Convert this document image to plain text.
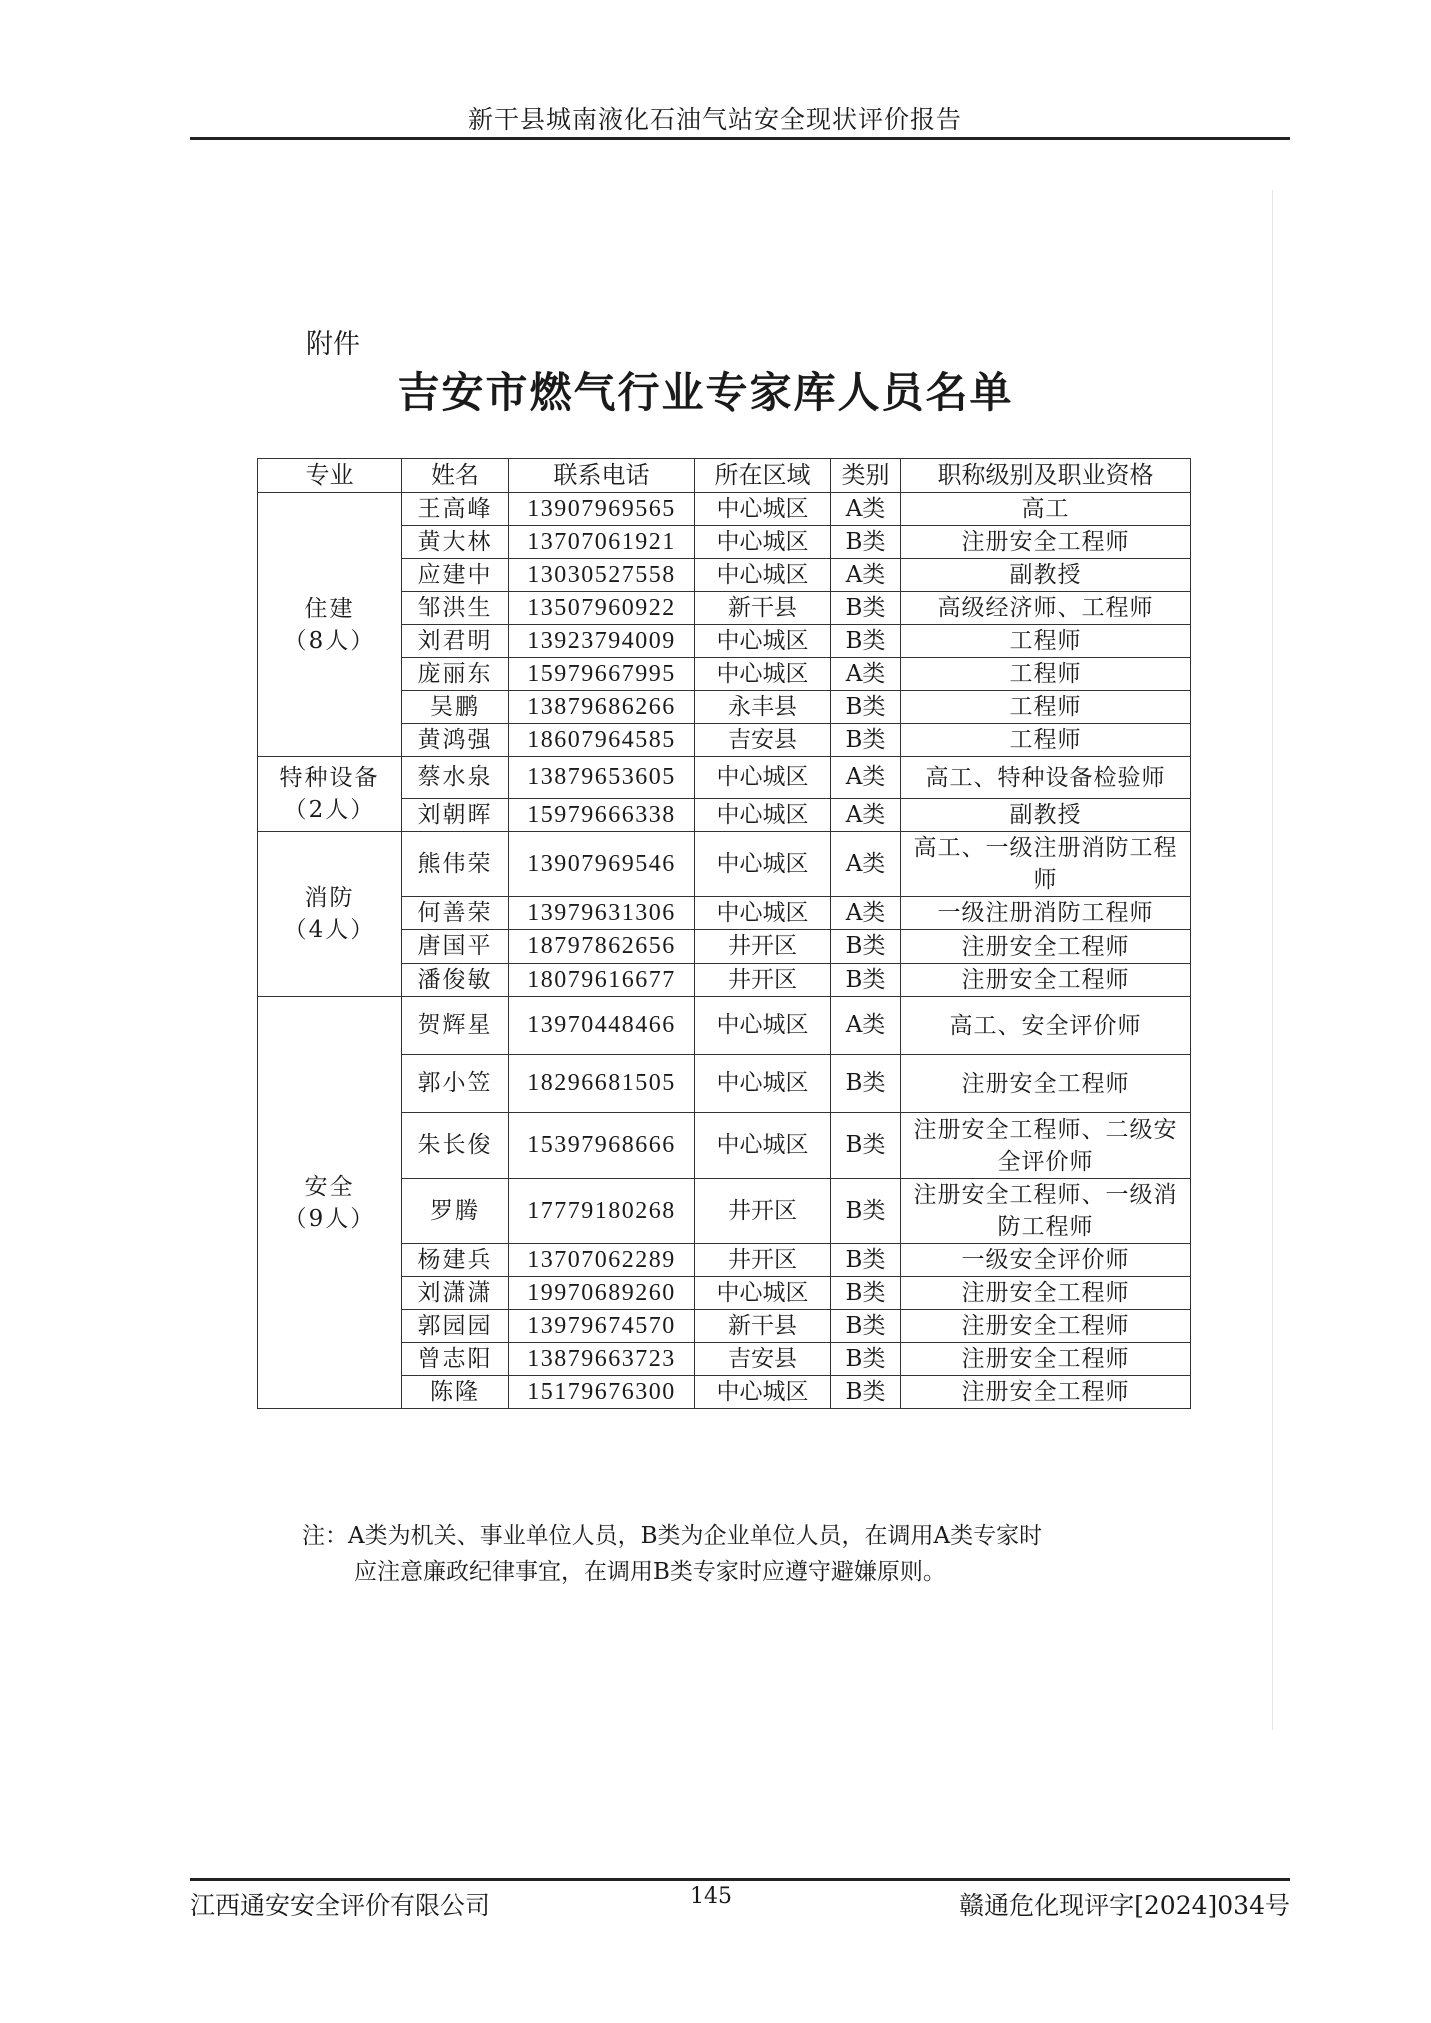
新干县城南液化石油气站安全现状评价报告
附件
吉安市燃气行业专家库人员名单
专业	姓名	联系电话	所在区域	类别	职称级别及职业资格

住建
（8人）	王高峰	13907969565	中心城区	A类	高工
	黄大林	13707061921	中心城区	B类	注册安全工程师
	应建中	13030527558	中心城区	A类	副教授
	邹洪生	13507960922	新干县	B类	高级经济师、工程师
	刘君明	13923794009	中心城区	B类	工程师
	庞丽东	15979667995	中心城区	A类	工程师
	吴鹏	13879686266	永丰县	B类	工程师
	黄鸿强	18607964585	吉安县	B类	工程师

特种设备
（2人）	蔡水泉	13879653605	中心城区	A类	高工、特种设备检验师
	刘朝晖	15979666338	中心城区	A类	副教授

消防
（4人）	熊伟荣	13907969546	中心城区	A类	高工、一级注册消防工程师
	何善荣	13979631306	中心城区	A类	一级注册消防工程师
	唐国平	18797862656	井开区	B类	注册安全工程师
	潘俊敏	18079616677	井开区	B类	注册安全工程师

安全
（9人）	贺辉星	13970448466	中心城区	A类	高工、安全评价师
	郭小笠	18296681505	中心城区	B类	注册安全工程师
	朱长俊	15397968666	中心城区	B类	注册安全工程师、二级安全评价师
	罗腾	17779180268	井开区	B类	注册安全工程师、一级消防工程师
	杨建兵	13707062289	井开区	B类	一级安全评价师
	刘潇潇	19970689260	中心城区	B类	注册安全工程师
	郭园园	13979674570	新干县	B类	注册安全工程师
	曾志阳	13879663723	吉安县	B类	注册安全工程师
	陈隆	15179676300	中心城区	B类	注册安全工程师
注：A类为机关、事业单位人员，B类为企业单位人员，在调用A类专家时
应注意廉政纪律事宜，在调用B类专家时应遵守避嫌原则。
江西通安安全评价有限公司	145	赣通危化现评字[2024]034号
